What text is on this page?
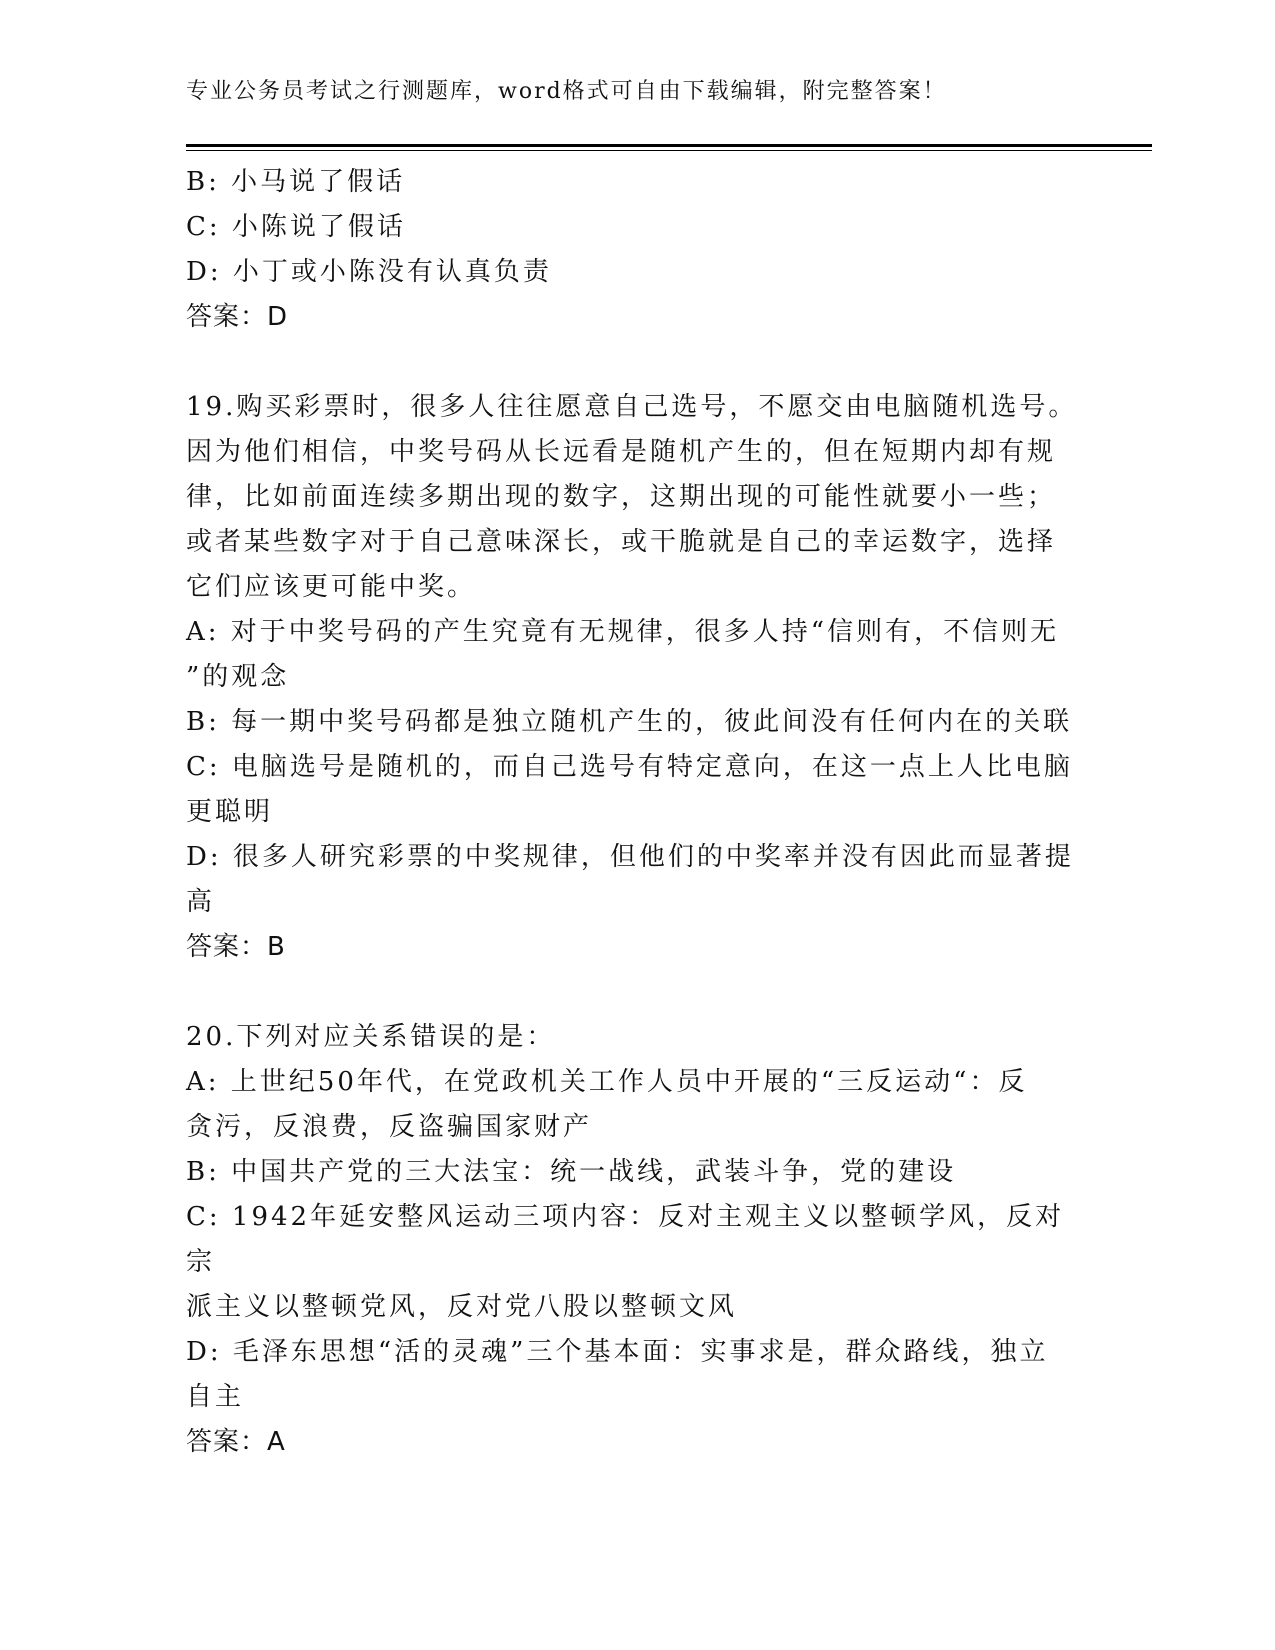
专业公务员考试之行测题库，word格式可自由下载编辑，附完整答案！

B: 小马说了假话

C: 小陈说了假话

D: 小丁或小陈没有认真负责

答案：D

19.购买彩票时，很多人往往愿意自己选号，不愿交由电脑随机选号。

因为他们相信，中奖号码从长远看是随机产生的，但在短期内却有规

律，比如前面连续多期出现的数字，这期出现的可能性就要小一些；

或者某些数字对于自己意味深长，或干脆就是自己的幸运数字，选择

它们应该更可能中奖。

A: 对于中奖号码的产生究竟有无规律，很多人持“信则有，不信则无

”的观念

B: 每一期中奖号码都是独立随机产生的，彼此间没有任何内在的关联

C: 电脑选号是随机的，而自己选号有特定意向，在这一点上人比电脑

更聪明

D: 很多人研究彩票的中奖规律，但他们的中奖率并没有因此而显著提

高

答案：B

20.下列对应关系错误的是：

A: 上世纪50年代，在党政机关工作人员中开展的“三反运动“：反

贪污，反浪费，反盗骗国家财产

B: 中国共产党的三大法宝：统一战线，武装斗争，党的建设

C: 1942年延安整风运动三项内容：反对主观主义以整顿学风，反对宗

派主义以整顿党风，反对党八股以整顿文风

D: 毛泽东思想“活的灵魂”三个基本面：实事求是，群众路线，独立

自主

答案：A
